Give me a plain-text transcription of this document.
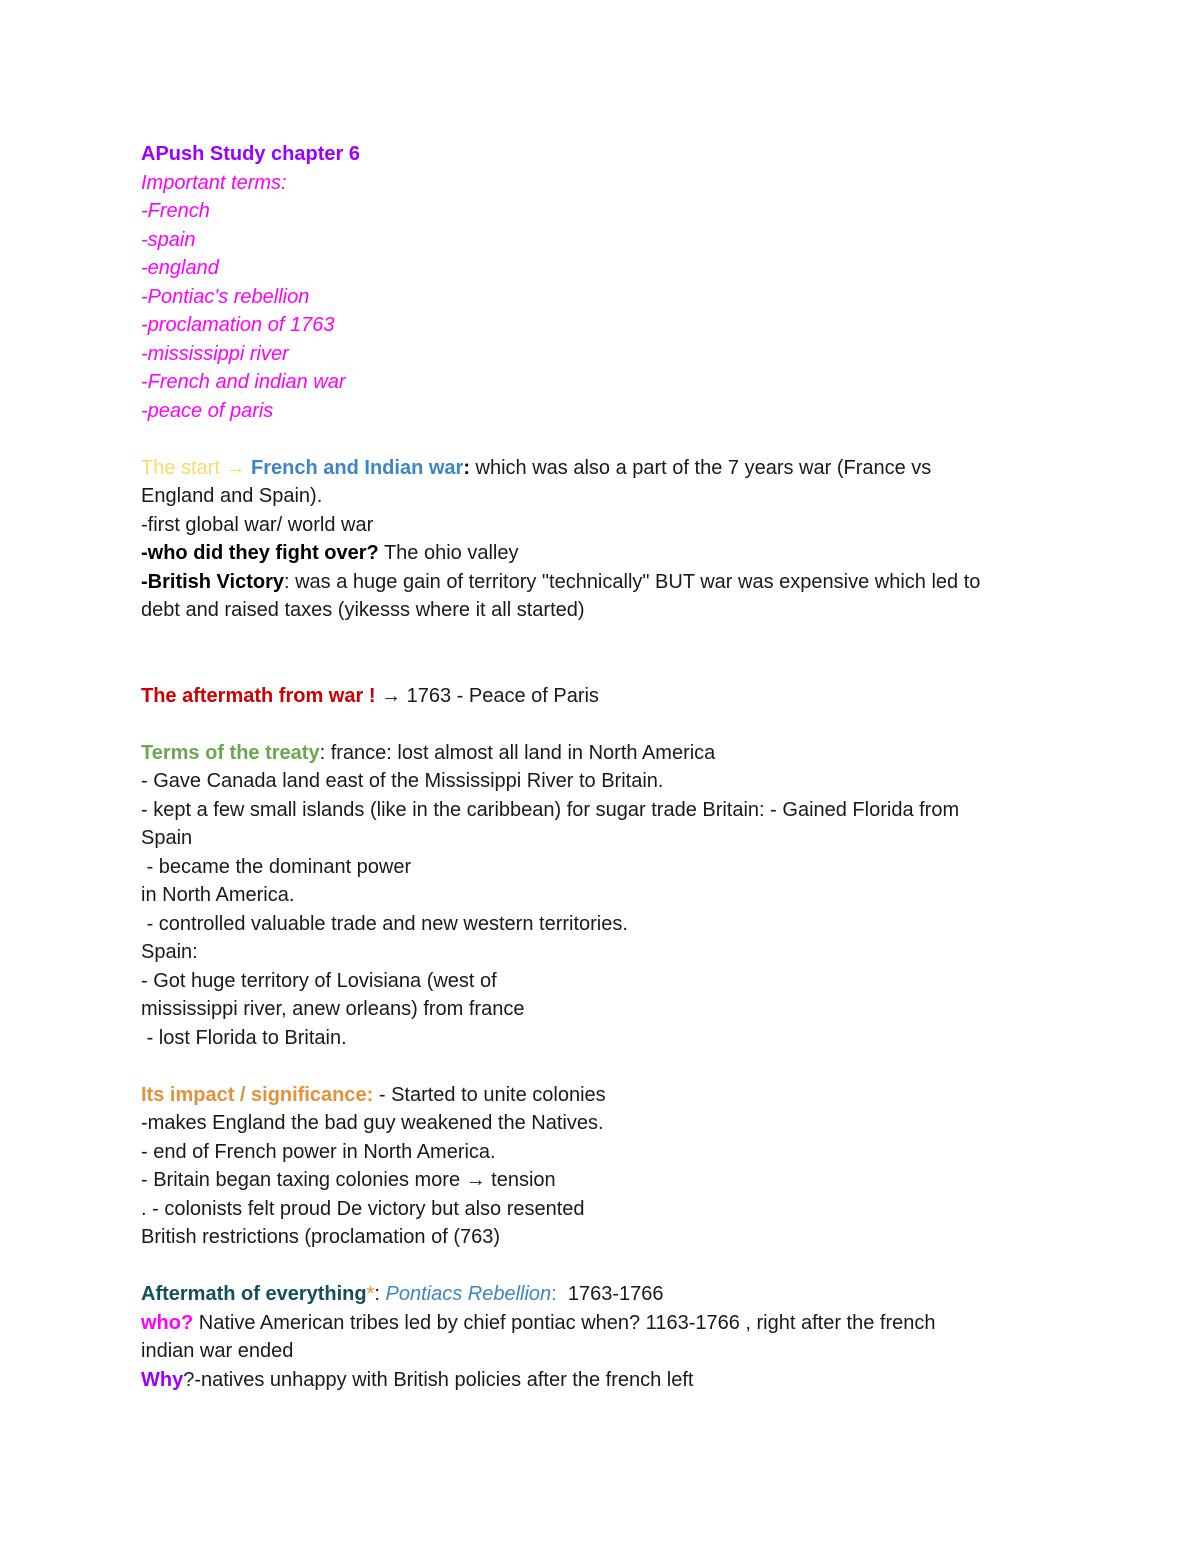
APush Study chapter 6
Important terms:
-French
-spain
-england
-Pontiac's rebellion
-proclamation of 1763
-mississippi river
-French and indian war
-peace of paris
The start → French and Indian war: which was also a part of the 7 years war (France vs
England and Spain).
-first global war/ world war
-who did they fight over? The ohio valley
-British Victory: was a huge gain of territory "technically" BUT war was expensive which led to
debt and raised taxes (yikesss where it all started)
The aftermath from war ! → 1763 - Peace of Paris
Terms of the treaty: france: lost almost all land in North America
- Gave Canada land east of the Mississippi River to Britain.
- kept a few small islands (like in the caribbean) for sugar trade Britain: - Gained Florida from
Spain
- became the dominant power
in North America.
- controlled valuable trade and new western territories.
Spain:
- Got huge territory of Lovisiana (west of
mississippi river, anew orleans) from france
- lost Florida to Britain.
Its impact / significance: - Started to unite colonies
-makes England the bad guy weakened the Natives.
- end of French power in North America.
- Britain began taxing colonies more → tension
. - colonists felt proud De victory but also resented
British restrictions (proclamation of (763)
Aftermath of everything*: Pontiacs Rebellion:  1763-1766
who? Native American tribes led by chief pontiac when? 1163-1766 , right after the french
indian war ended
Why?-natives unhappy with British policies after the french left
